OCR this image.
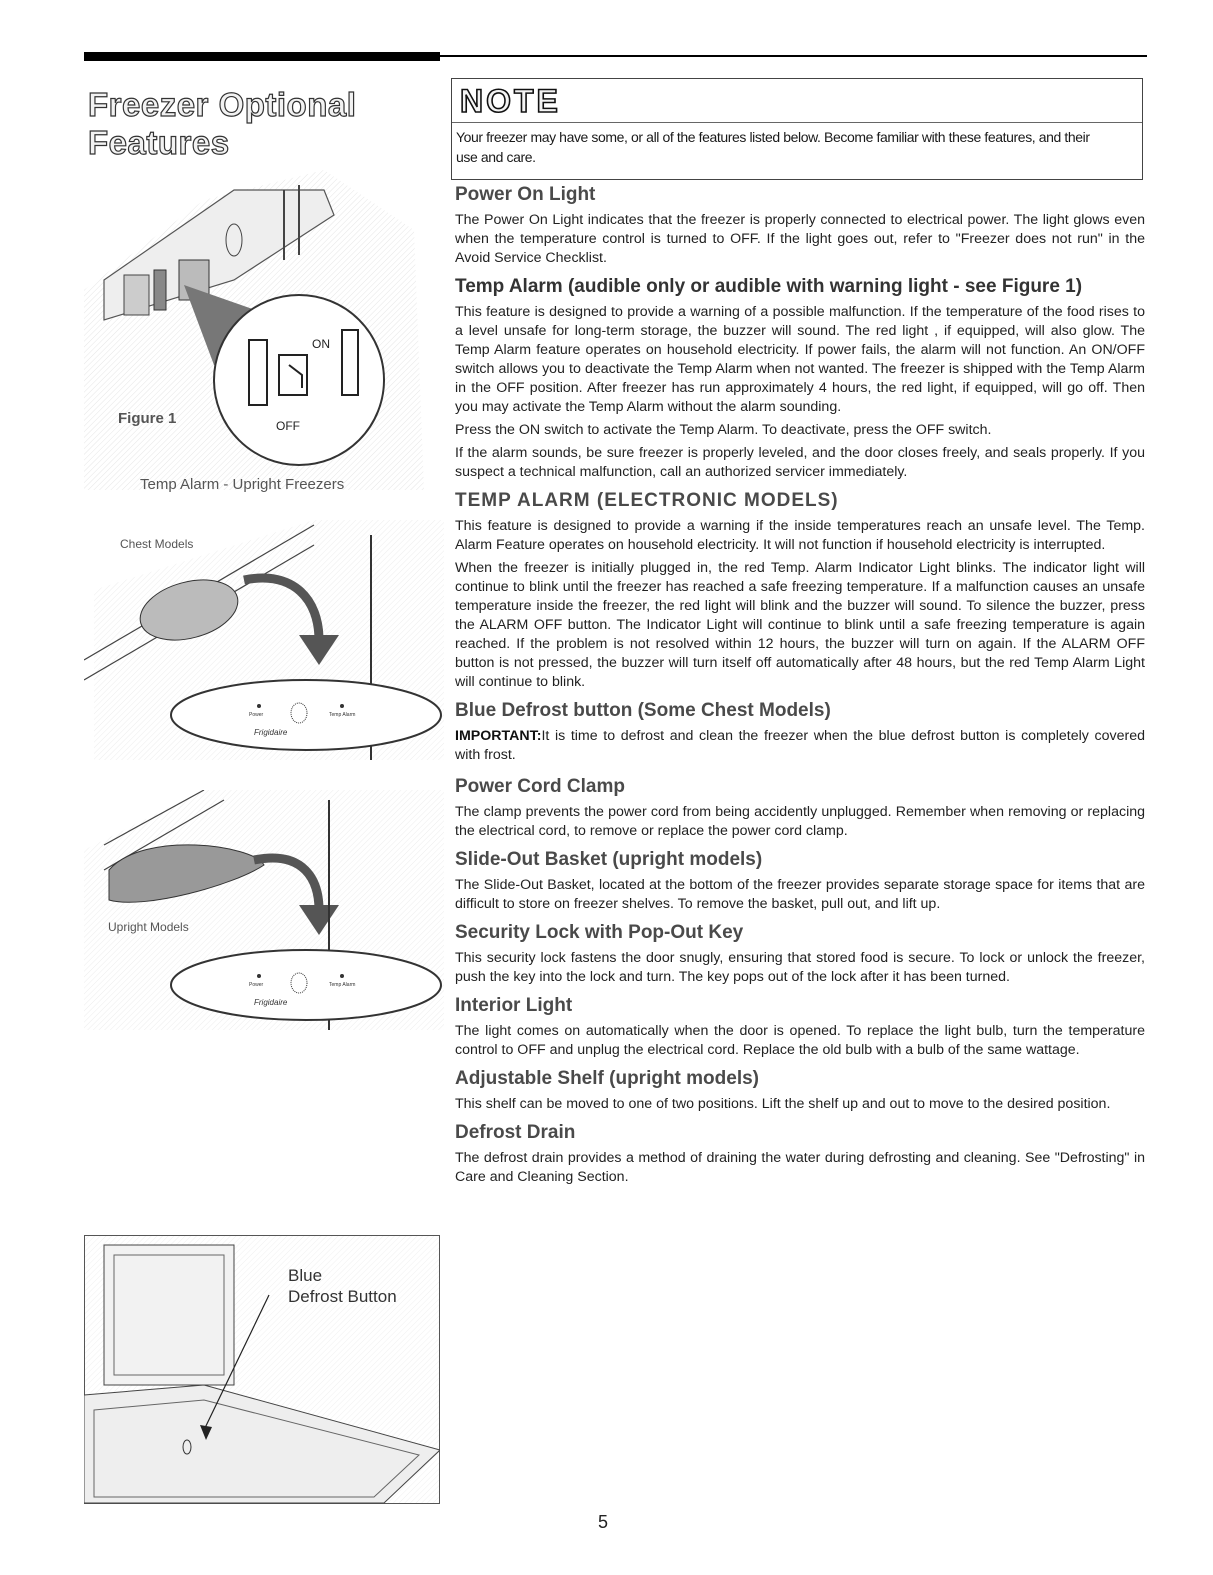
Freezer Optional
Features
ON
OFF
Figure 1
Temp Alarm - Upright Freezers
Power	Temp Alarm
Frigidaire
Chest Models
Power	Temp Alarm
Frigidaire
Upright Models
Blue
Defrost Button
NOTE
Your freezer may have some, or all of the features listed below. Become familiar with these features, and their use and care.
Power On Light

The Power On Light indicates that the freezer is properly connected to electrical power. The light glows even when the temperature control is turned to OFF. If the light goes out, refer to "Freezer does not run" in the Avoid Service Checklist.

Temp Alarm (audible only or audible with warning light - see Figure 1)

This feature is designed to provide a warning of a possible malfunction. If the temperature of the food rises to a level unsafe for long-term storage, the buzzer will sound. The red light , if equipped, will also glow. The Temp Alarm feature operates on household electricity. If power fails, the alarm will not function. An ON/OFF switch allows you to deactivate the Temp Alarm when not wanted. The freezer is shipped with the Temp Alarm in the OFF position. After freezer has run approximately 4 hours, the red light, if equipped, will go off. Then you may activate the Temp Alarm without the alarm sounding.

Press the ON switch to activate the Temp Alarm. To deactivate, press the OFF switch.

If the alarm sounds, be sure freezer is properly leveled, and the door closes freely, and seals properly. If you suspect a technical malfunction, call an authorized servicer immediately.

TEMP ALARM (ELECTRONIC MODELS)

This feature is designed to provide a warning if the inside temperatures reach an unsafe level. The Temp. Alarm Feature operates on household electricity. It will not function if household electricity is interrupted.

When the freezer is initially plugged in, the red Temp. Alarm Indicator Light blinks. The indicator light will continue to blink until the freezer has reached a safe freezing temperature. If a malfunction causes an unsafe temperature inside the freezer, the red light will blink and the buzzer will sound. To silence the buzzer, press the ALARM OFF button. The Indicator Light will continue to blink until a safe freezing temperature is again reached. If the problem is not resolved within 12 hours, the buzzer will turn on again. If the ALARM OFF button is not pressed, the buzzer will turn itself off automatically after 48 hours, but the red Temp Alarm Light will continue to blink.

Blue Defrost button (Some Chest Models)

IMPORTANT:It is time to defrost and clean the freezer when the blue defrost button is completely covered with frost.

Power Cord Clamp

The clamp prevents the power cord from being accidently unplugged. Remember when removing or replacing the electrical cord, to remove or replace the power cord clamp.

Slide-Out Basket (upright models)

The Slide-Out Basket, located at the bottom of the freezer provides separate storage space for items that are difficult to store on freezer shelves. To remove the basket, pull out, and lift up.

Security Lock with Pop-Out Key

This security lock fastens the door snugly, ensuring that stored food is secure. To lock or unlock the freezer, push the key into the lock and turn. The key pops out of the lock after it has been turned.

Interior Light

The light comes on automatically when the door is opened. To replace the light bulb, turn the temperature control to OFF and unplug the electrical cord. Replace the old bulb with a bulb of the same wattage.

Adjustable Shelf (upright models)

This shelf can be moved to one of two positions. Lift the shelf up and out to move to the desired position.

Defrost Drain

The defrost drain provides a method of draining the water during defrosting and cleaning. See "Defrosting" in Care and Cleaning Section.

5
